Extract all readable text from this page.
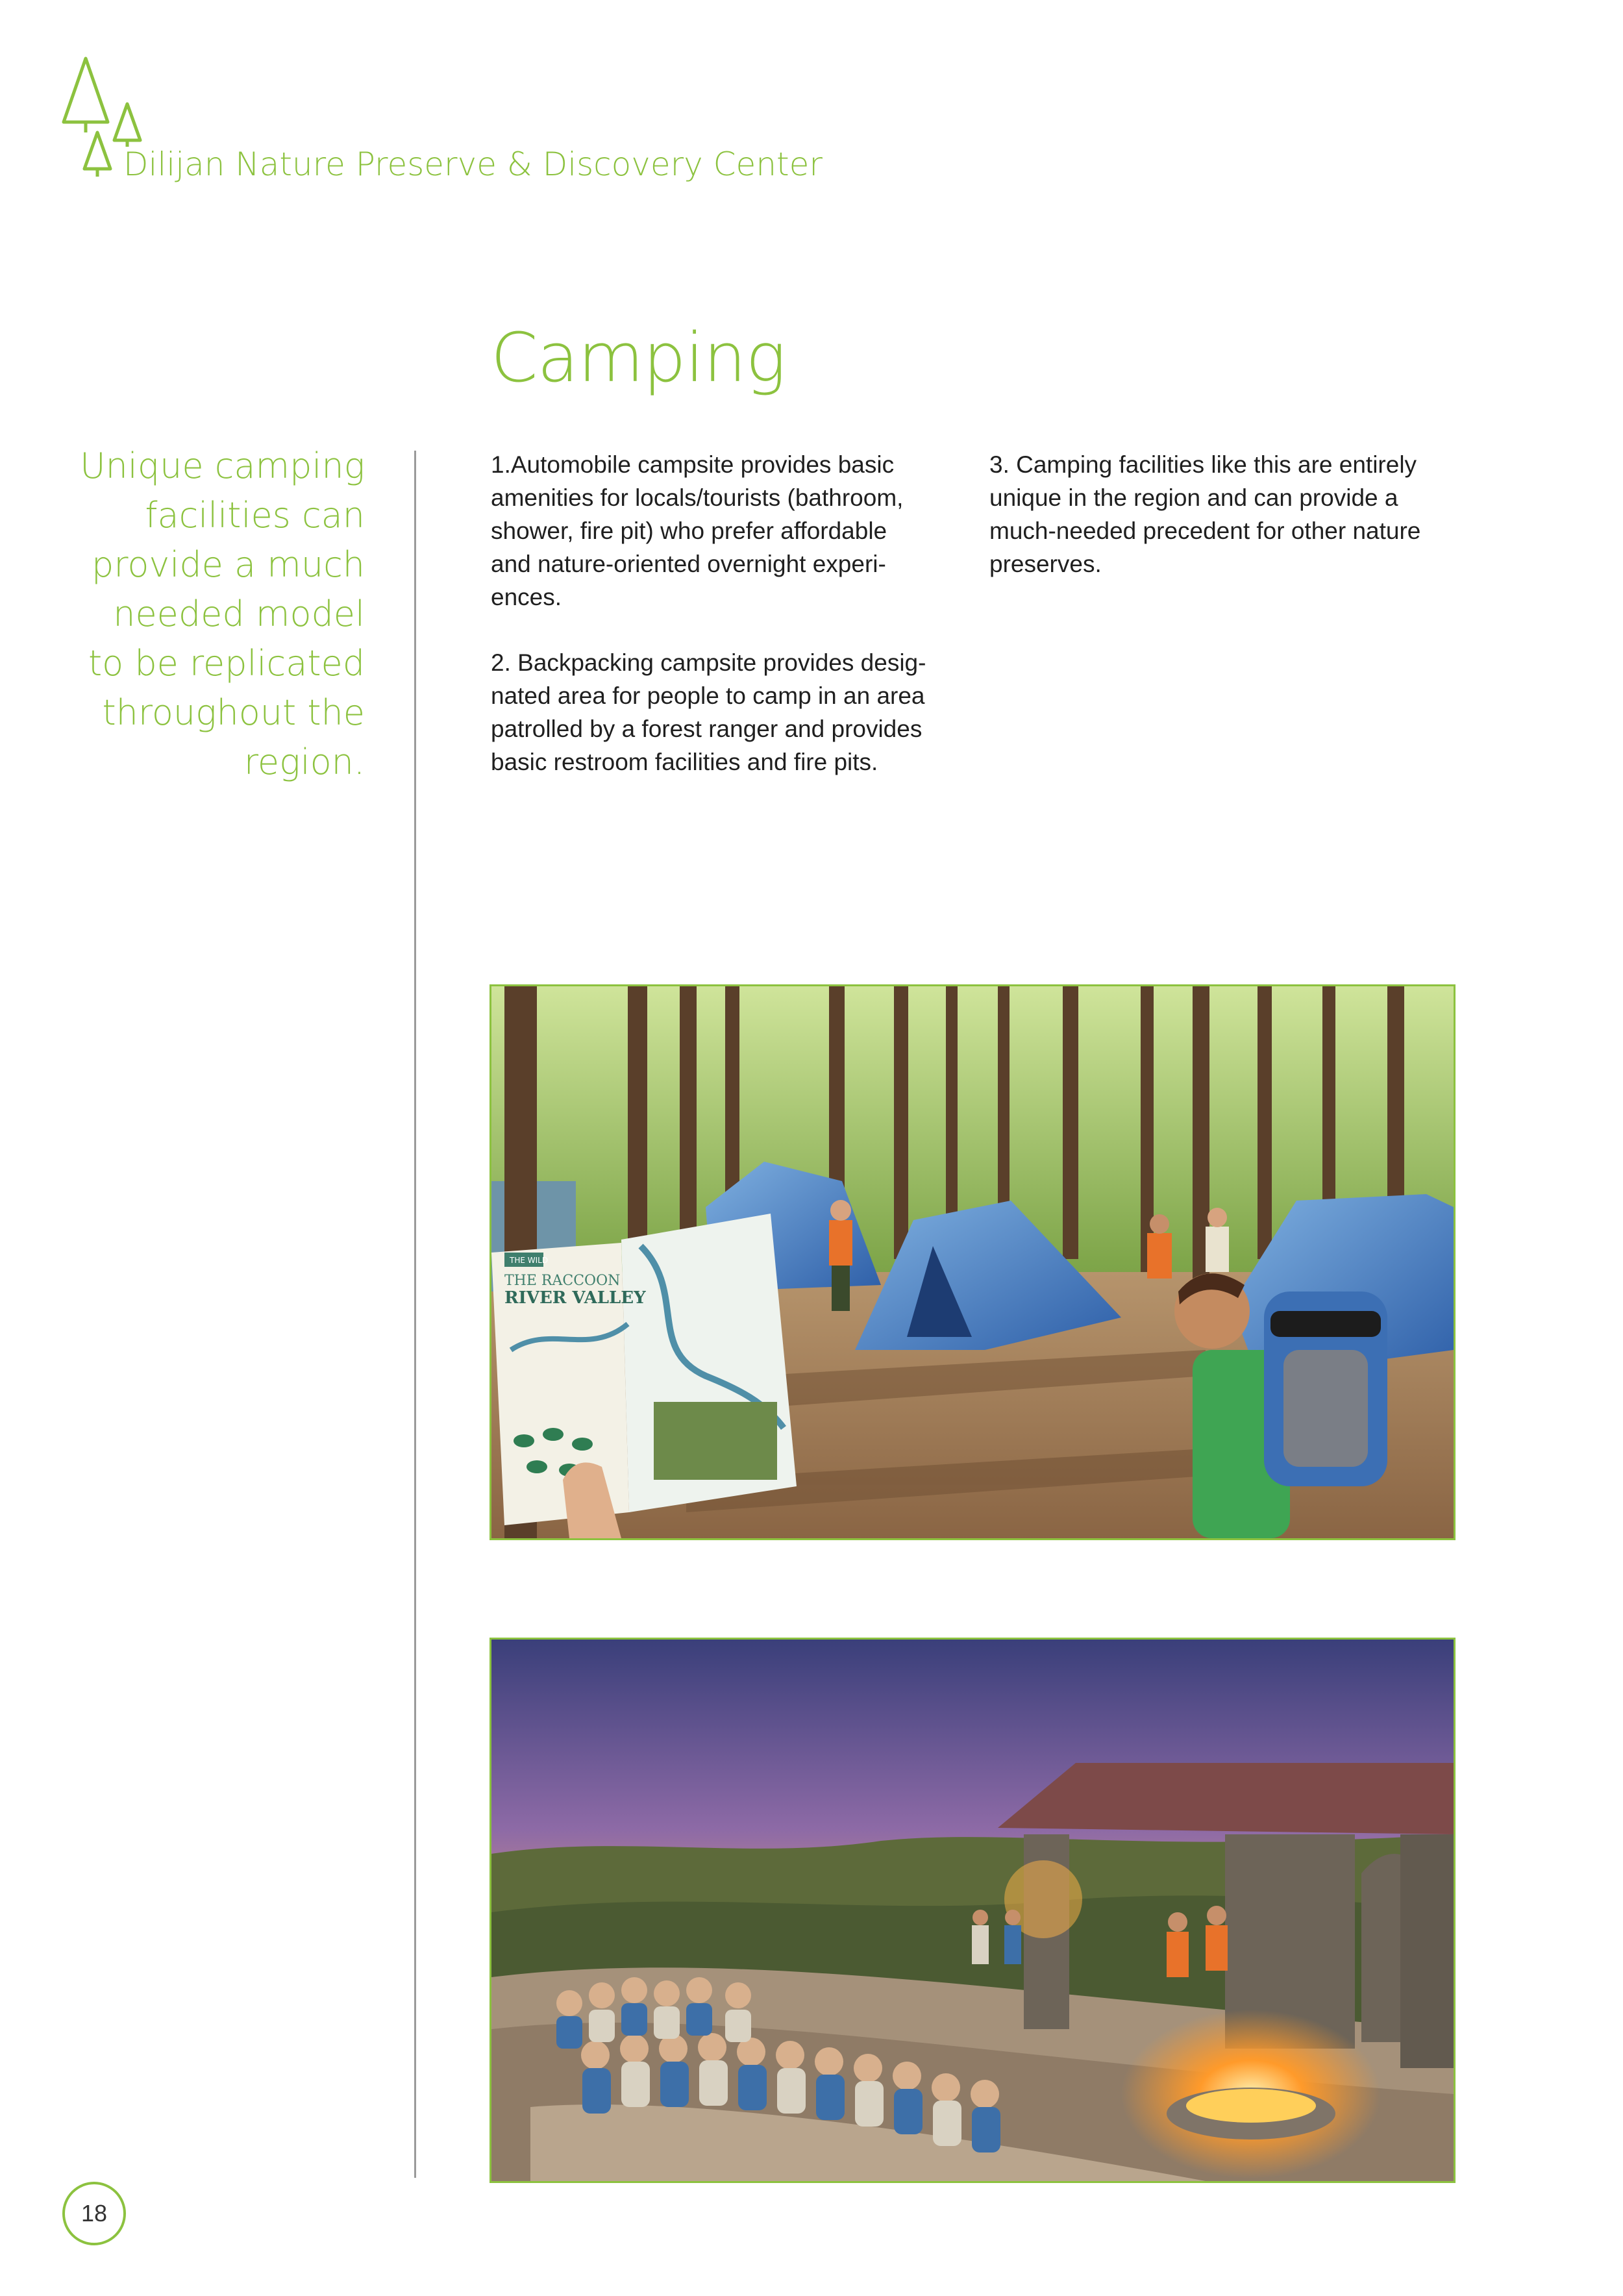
Dilijan Nature Preserve & Discovery Center
Camping
Unique camping
facilities can
provide a much
needed model
to be replicated
throughout the
region.

1.Automobile campsite provides basic
amenities for locals/tourists (bathroom,
shower, fire pit) who prefer affordable
and nature-oriented overnight experi-
ences.

2. Backpacking campsite provides desig-
nated area for people to camp in an area
patrolled by a forest ranger and provides
basic restroom facilities and fire pits.

3. Camping facilities like this are entirely
unique in the region and can provide a
much-needed precedent for other nature
preserves.

THE WILD
THE RACCOON
RIVER VALLEY
18
